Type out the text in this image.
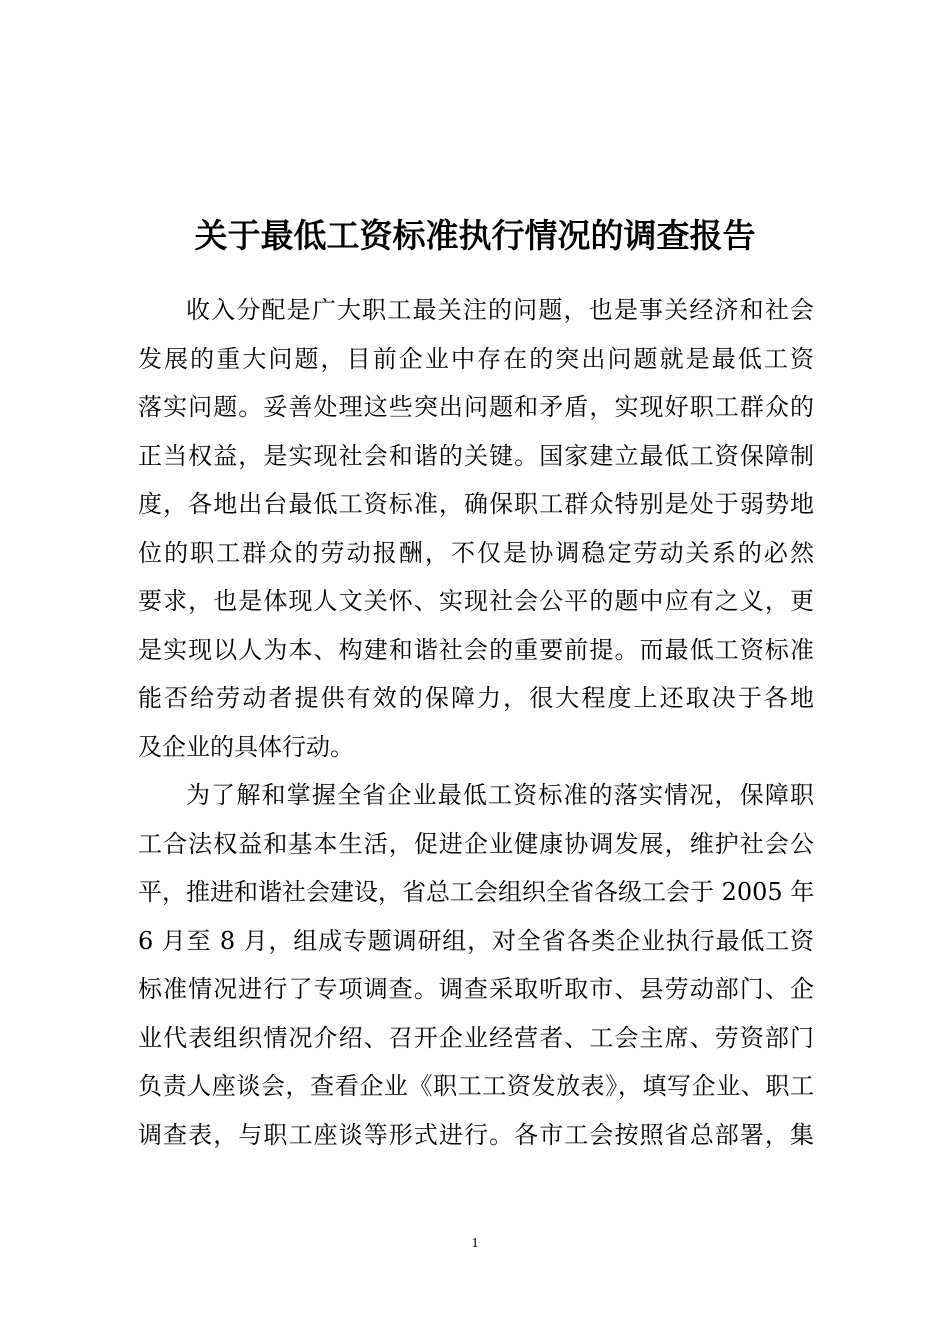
关于最低工资标准执行情况的调查报告
收入分配是广大职工最关注的问题，也是事关经济和社会
发展的重大问题，目前企业中存在的突出问题就是最低工资
落实问题。妥善处理这些突出问题和矛盾，实现好职工群众的
正当权益，是实现社会和谐的关键。国家建立最低工资保障制
度，各地出台最低工资标准，确保职工群众特别是处于弱势地
位的职工群众的劳动报酬，不仅是协调稳定劳动关系的必然
要求，也是体现人文关怀、实现社会公平的题中应有之义，更
是实现以人为本、构建和谐社会的重要前提。而最低工资标准
能否给劳动者提供有效的保障力，很大程度上还取决于各地
及企业的具体行动。
为了解和掌握全省企业最低工资标准的落实情况，保障职
工合法权益和基本生活，促进企业健康协调发展，维护社会公
平，推进和谐社会建设，省总工会组织全省各级工会于 2005 年
6 月至 8 月，组成专题调研组，对全省各类企业执行最低工资
标准情况进行了专项调查。调查采取听取市、县劳动部门、企
业代表组织情况介绍、召开企业经营者、工会主席、劳资部门
负责人座谈会，查看企业《职工工资发放表》，填写企业、职工
调查表，与职工座谈等形式进行。各市工会按照省总部署，集
1
